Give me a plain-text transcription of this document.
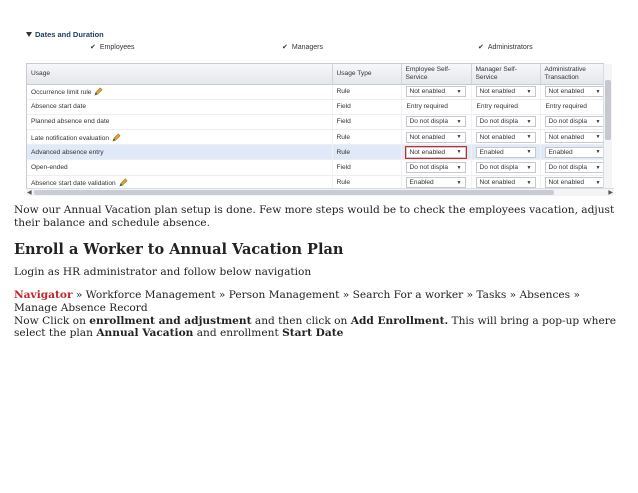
Dates and Duration
✔ Employees	✔ Managers	✔ Administrators
Usage	Usage Type	Employee Self-Service	Manager Self-Service	Administrative Transaction
Occurrence limit rule	Rule	Not enabled ▼	Not enabled ▼	Not enabled ▼

Absence start date	Field	Entry required	Entry required	Entry required
Planned absence end date	Field	Do not displa ▼	Do not displa ▼	Do not displa ▼

Late notification evaluation	Rule	Not enabled ▼	Not enabled ▼	Not enabled ▼

Advanced absence entry	Rule	Not enabled ▼	Enabled ▼	Enabled ▼

Open-ended	Field	Do not displa ▼	Do not displa ▼	Do not displa ▼

Absence start date validation	Rule	Enabled ▼	Not enabled ▼	Not enabled ▼
◀	▶

Now our Annual Vacation plan setup is done. Few more steps would be to check the employees vacation, adjust their balance and schedule absence.

Enroll a Worker to Annual Vacation Plan

Login as HR administrator and follow below navigation

Navigator » Workforce Management » Person Management » Search For a worker » Tasks » Absences » Manage Absence Record
Now Click on enrollment and adjustment and then click on Add Enrollment. This will bring a pop-up where select the plan Annual Vacation and enrollment Start Date
